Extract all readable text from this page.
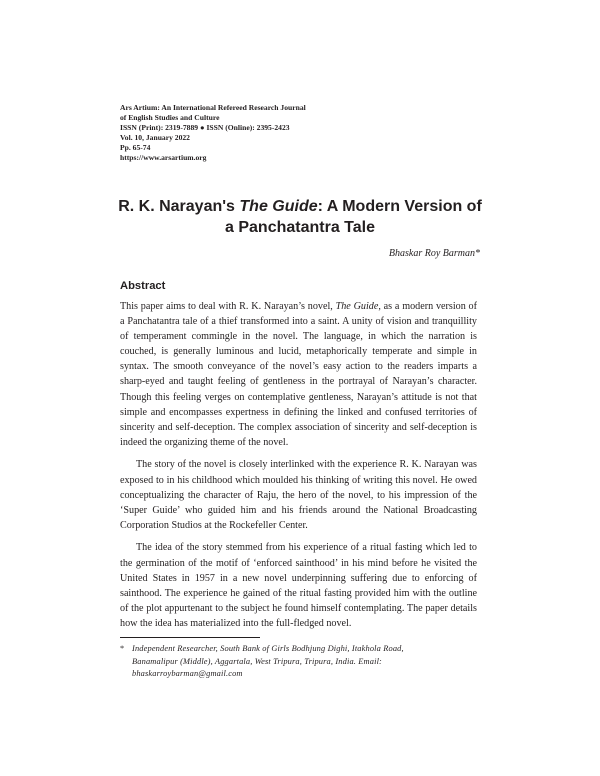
Ars Artium: An International Refereed Research Journal
of English Studies and Culture
ISSN (Print): 2319-7889 ● ISSN (Online): 2395-2423
Vol. 10, January 2022
Pp. 65-74
https://www.arsartium.org
R. K. Narayan's The Guide: A Modern Version of
a Panchatantra Tale
Bhaskar Roy Barman*
Abstract

This paper aims to deal with R. K. Narayan’s novel, The Guide, as a modern version of a Panchatantra tale of a thief transformed into a saint. A unity of vision and tranquillity of temperament commingle in the novel. The language, in which the narration is couched, is generally luminous and lucid, metaphorically temperate and simple in syntax. The smooth conveyance of the novel’s easy action to the readers imparts a sharp-eyed and taught feeling of gentleness in the portrayal of Narayan’s character. Though this feeling verges on contemplative gentleness, Narayan’s attitude is not that simple and encompasses expertness in defining the linked and confused territories of sincerity and self-deception. The complex association of sincerity and self-deception is indeed the organizing theme of the novel.

The story of the novel is closely interlinked with the experience R. K. Narayan was exposed to in his childhood which moulded his thinking of writing this novel. He owed conceptualizing the character of Raju, the hero of the novel, to his impression of the ‘Super Guide’ who guided him and his friends around the National Broadcasting Corporation Studios at the Rockefeller Center.

The idea of the story stemmed from his experience of a ritual fasting which led to the germination of the motif of ‘enforced sainthood’ in his mind before he visited the United States in 1957 in a new novel underpinning suffering due to enforcing of sainthood. The experience he gained of the ritual fasting provided him with the outline of the plot appurtenant to the subject he found himself contemplating. The paper details how the idea has materialized into the full-fledged novel.

* Independent Researcher, South Bank of Girls Bodhjung Dighi, Itakhola Road,
Banamalipur (Middle), Aggartala, West Tripura, Tripura, India. Email:
bhaskarroybarman@gmail.com
